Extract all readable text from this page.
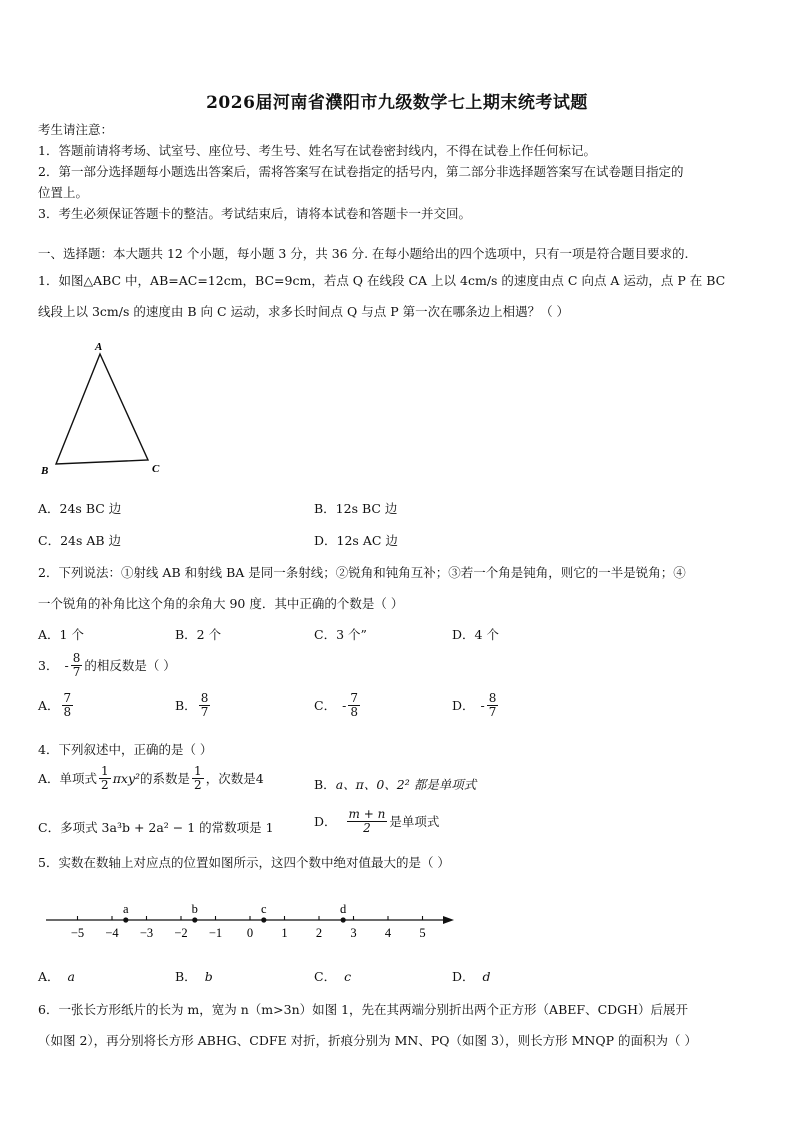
2026届河南省濮阳市九级数学七上期末统考试题
考生请注意：
1．答题前请将考场、试室号、座位号、考生号、姓名写在试卷密封线内，不得在试卷上作任何标记。
2．第一部分选择题每小题选出答案后，需将答案写在试卷指定的括号内，第二部分非选择题答案写在试卷题目指定的
位置上。
3．考生必须保证答题卡的整洁。考试结束后，请将本试卷和答题卡一并交回。
一、选择题：本大题共 12 个小题，每小题 3 分，共 36 分. 在每小题给出的四个选项中，只有一项是符合题目要求的.
1．如图△ABC 中，AB=AC=12cm，BC=9cm，若点 Q 在线段 CA 上以 4cm/s 的速度由点 C 向点 A 运动，点 P 在 BC
线段上以 3cm/s 的速度由 B 向 C 运动，求多长时间点 Q 与点 P 第一次在哪条边上相遇？（ ）
A
B	C
A．24s BC 边	B．12s BC 边
C．24s AB 边	D．12s AC 边
2．下列说法：①射线 AB 和射线 BA 是同一条射线；②锐角和钝角互补；③若一个角是钝角，则它的一半是锐角；④
一个锐角的补角比这个角的余角大 90 度．其中正确的个数是（ ）
A．1 个	B．2 个	C．3 个”	D．4 个
3． - $\frac{8}{7}$ 的相反数是（ ）
A． $\frac{7}{8}$	B． $\frac{8}{7}$	C． - $\frac{7}{8}$	D． - $\frac{8}{7}$
4．下列叙述中，正确的是（ ）
A． 单项式 $\frac{1}{2} \pi xy^2$ 的系数是 $\frac{1}{2}$ ，次数是4	B．a、π、0、2² 都是单项式
C．多项式 3a³b + 2a² − 1 的常数项是 1	D． $\frac{m + n}{2}$ 是单项式
5．实数在数轴上对应点的位置如图所示，这四个数中绝对值最大的是（ ）
−5 −4 −3 −2 −1 0 1 2 3 4 5
a	b	c	d
A． a	B． b	C． c	D． d
6．一张长方形纸片的长为 m，宽为 n（m>3n）如图 1，先在其两端分别折出两个正方形（ABEF、CDGH）后展开
（如图 2），再分别将长方形 ABHG、CDFE 对折，折痕分别为 MN、PQ（如图 3），则长方形 MNQP 的面积为（ ）
